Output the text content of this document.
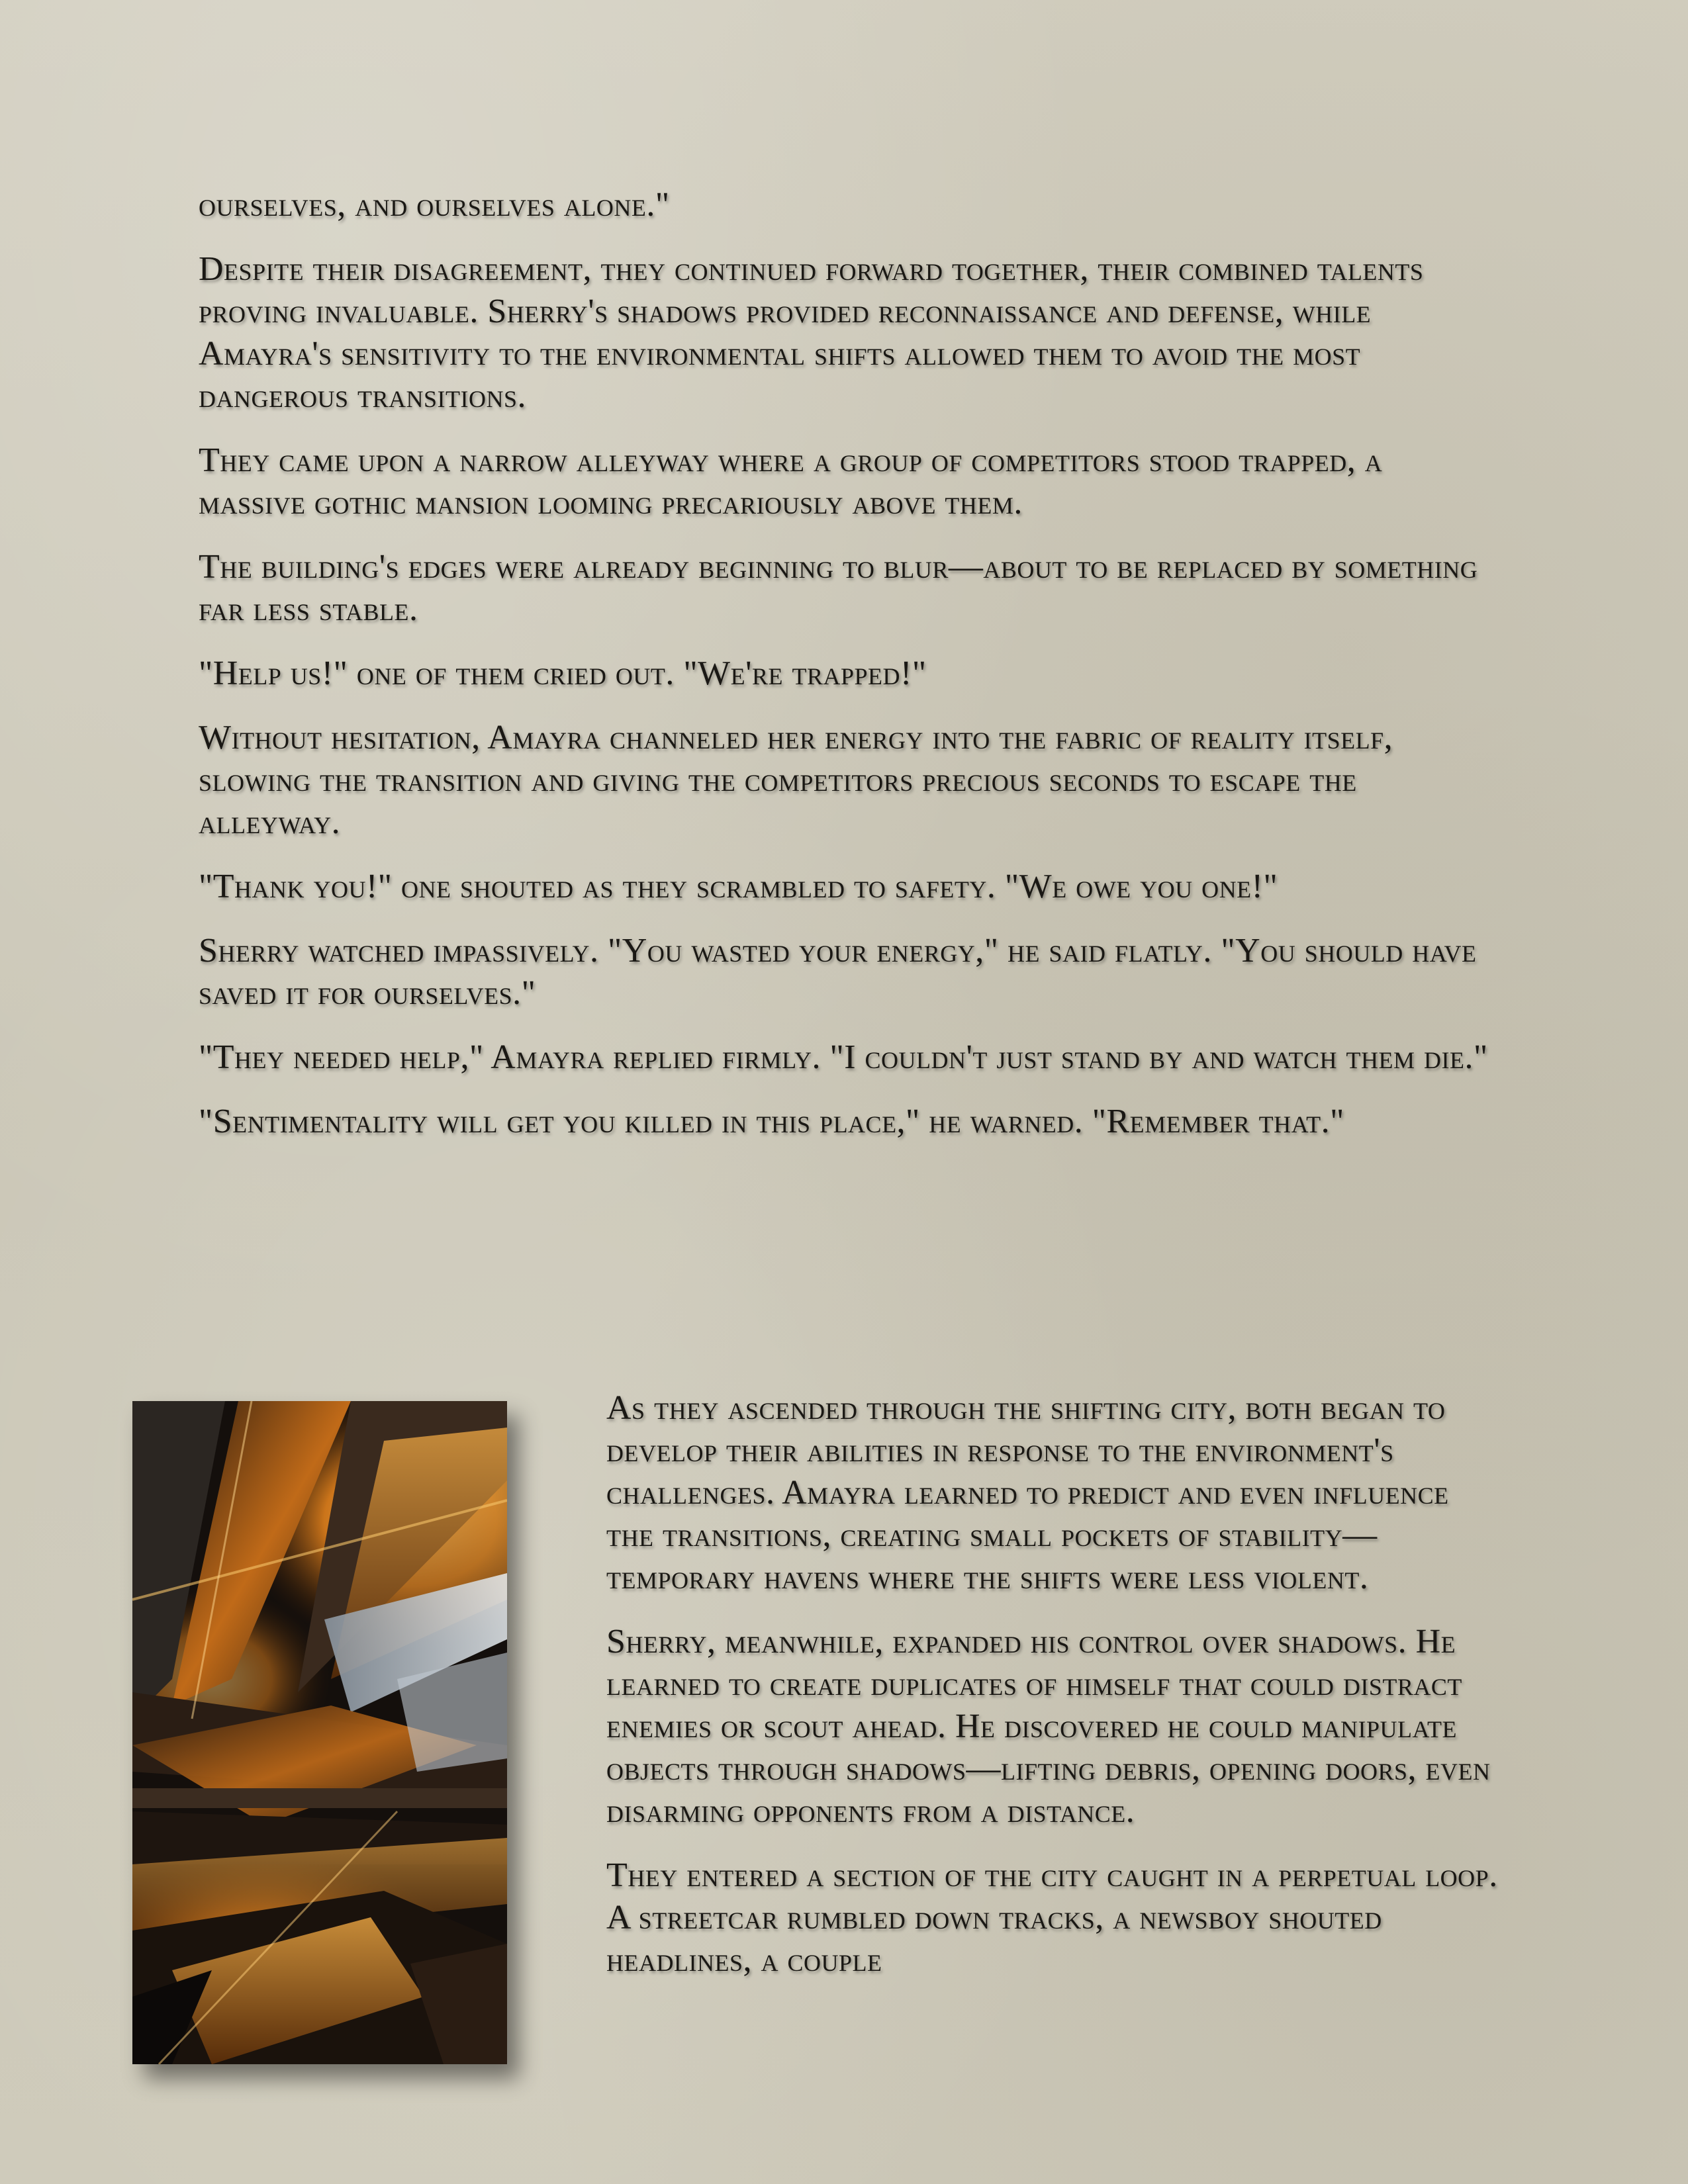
ourselves, and ourselves alone."

Despite their disagreement, they continued forward together, their combined talents proving invaluable. Sherry's shadows provided reconnaissance and defense, while Amayra's sensitivity to the environmental shifts allowed them to avoid the most dangerous transitions.

They came upon a narrow alleyway where a group of competitors stood trapped, a massive gothic mansion looming precariously above them.

The building's edges were already beginning to blur—about to be replaced by something far less stable.

"Help us!" one of them cried out. "We're trapped!"

Without hesitation, Amayra channeled her energy into the fabric of reality itself, slowing the transition and giving the competitors precious seconds to escape the alleyway.

"Thank you!" one shouted as they scrambled to safety. "We owe you one!"

Sherry watched impassively. "You wasted your energy," he said flatly. "You should have saved it for ourselves."

"They needed help," Amayra replied firmly. "I couldn't just stand by and watch them die."

"Sentimentality will get you killed in this place," he warned. "Remember that."

As they ascended through the shifting city, both began to develop their abilities in response to the environment's challenges. Amayra learned to predict and even influence the transitions, creating small pockets of stability— temporary havens where the shifts were less violent.

Sherry, meanwhile, expanded his control over shadows. He learned to create duplicates of himself that could distract enemies or scout ahead. He discovered he could manipulate objects through shadows—lifting debris, opening doors, even disarming opponents from a distance.

They entered a section of the city caught in a perpetual loop. A streetcar rumbled down tracks, a newsboy shouted headlines, a couple
